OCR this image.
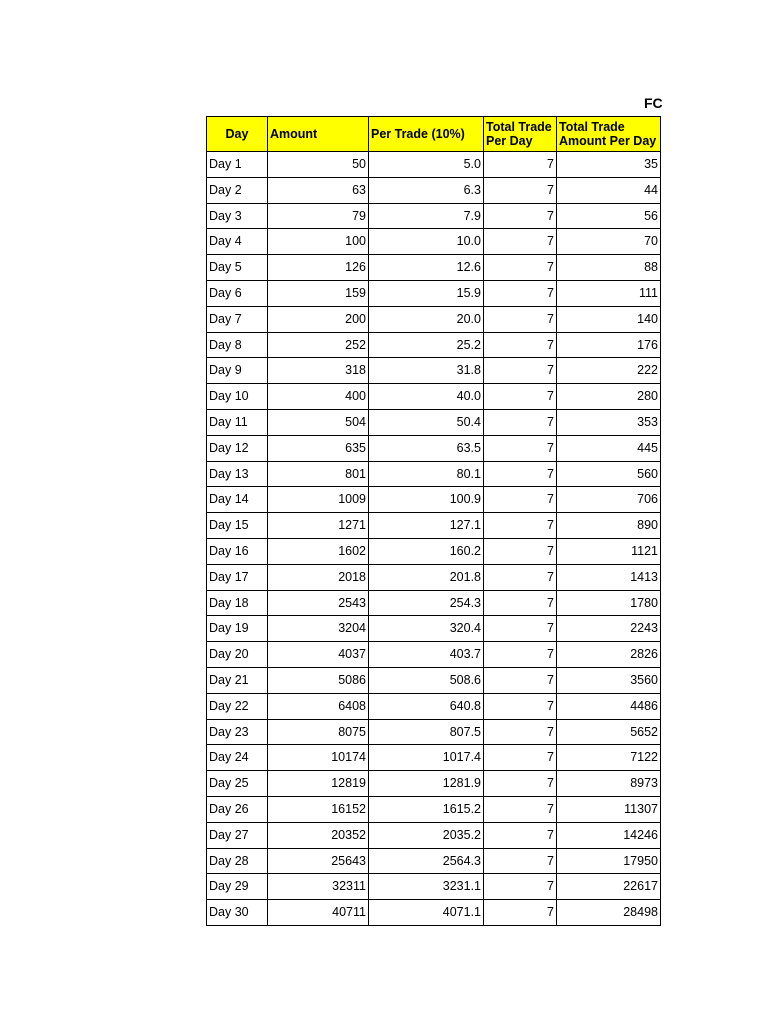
FC
Day	Amount	Per Trade (10%)	Total Trade Per Day	Total Trade Amount Per Day
Day 1	50	5.0	7	35
Day 2	63	6.3	7	44
Day 3	79	7.9	7	56
Day 4	100	10.0	7	70
Day 5	126	12.6	7	88
Day 6	159	15.9	7	111
Day 7	200	20.0	7	140
Day 8	252	25.2	7	176
Day 9	318	31.8	7	222
Day 10	400	40.0	7	280
Day 11	504	50.4	7	353
Day 12	635	63.5	7	445
Day 13	801	80.1	7	560
Day 14	1009	100.9	7	706
Day 15	1271	127.1	7	890
Day 16	1602	160.2	7	1121
Day 17	2018	201.8	7	1413
Day 18	2543	254.3	7	1780
Day 19	3204	320.4	7	2243
Day 20	4037	403.7	7	2826
Day 21	5086	508.6	7	3560
Day 22	6408	640.8	7	4486
Day 23	8075	807.5	7	5652
Day 24	10174	1017.4	7	7122
Day 25	12819	1281.9	7	8973
Day 26	16152	1615.2	7	11307
Day 27	20352	2035.2	7	14246
Day 28	25643	2564.3	7	17950
Day 29	32311	3231.1	7	22617
Day 30	40711	4071.1	7	28498
